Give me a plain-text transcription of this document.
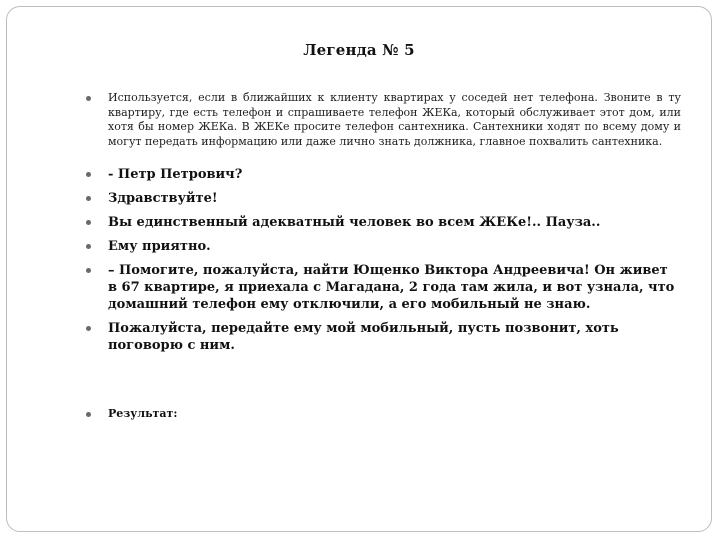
Легенда № 5
Используется, если в ближайших к клиенту квартирах у соседей нет телефона. Звоните в ту квартиру, где есть телефон и спрашиваете телефон ЖЕКа, который обслуживает этот дом, или хотя бы номер ЖЕКа. В ЖЕКе просите телефон сантехника. Сантехники ходят по всему дому и могут передать информацию или даже лично знать должника, главное похвалить сантехника.
- Петр Петрович?
Здравствуйте!
Вы единственный адекватный человек во всем ЖЕКе!.. Пауза..
Ему приятно.
– Помогите, пожалуйста, найти Ющенко Виктора Андреевича! Он живет в 67 квартире, я приехала с Магадана, 2 года там жила, и вот узнала, что домашний телефон ему отключили, а его мобильный не знаю.
Пожалуйста, передайте ему мой мобильный, пусть позвонит, хоть поговорю с ним.
Результат:
